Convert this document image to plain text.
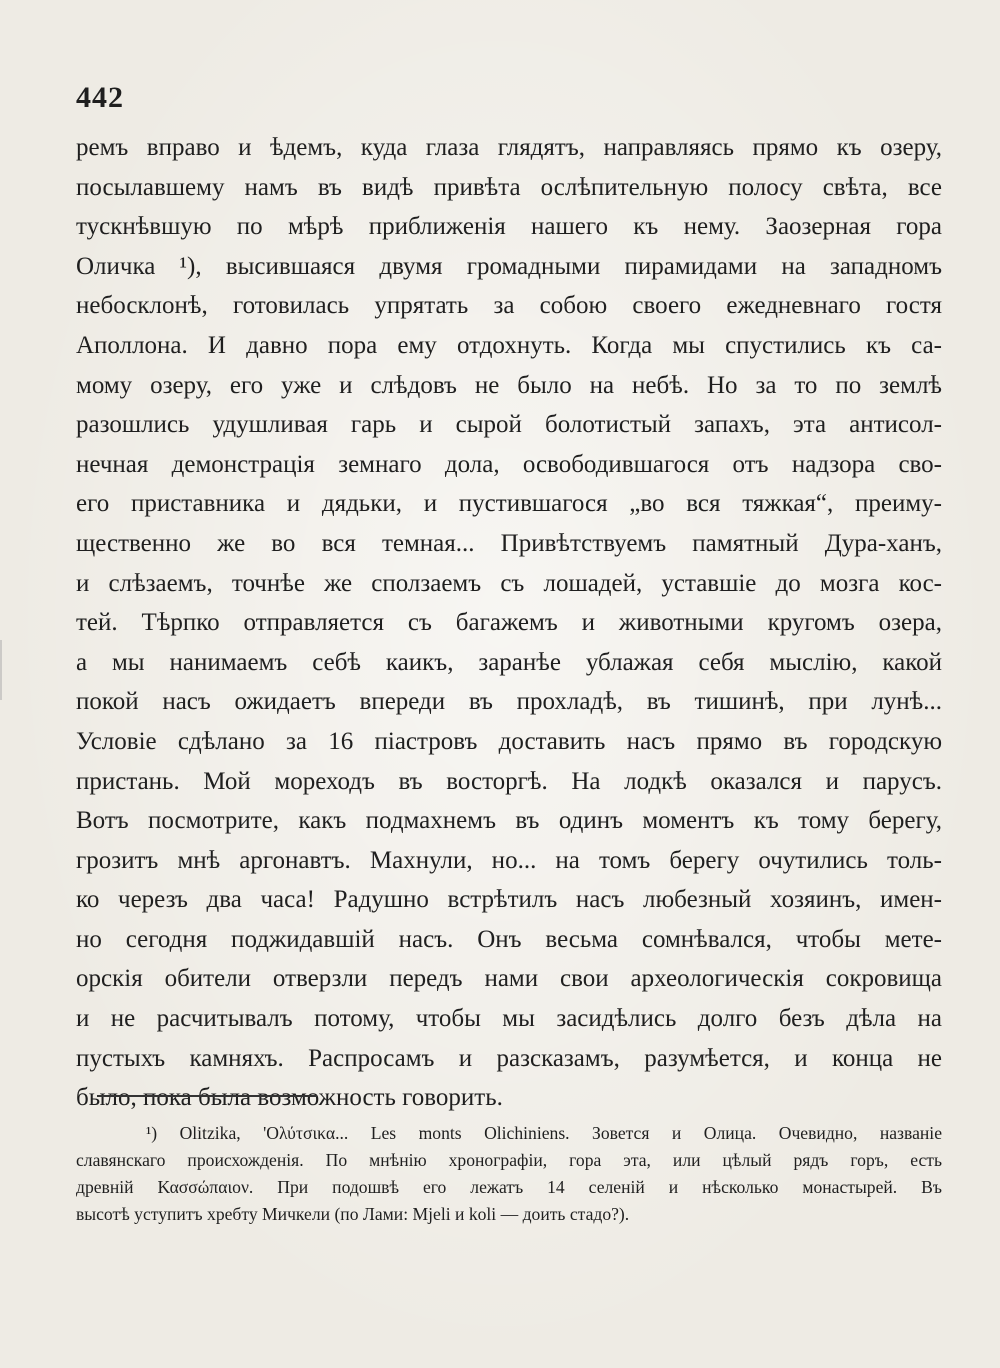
442
ремъ вправо и ѣдемъ, куда глаза глядятъ, направляясь прямо къ озеру,
посылавшему намъ въ видѣ привѣта ослѣпительную полосу свѣта, все
тускнѣвшую по мѣрѣ приближенія нашего къ нему. Заозерная гора
Оличка ¹), высившаяся двумя громадными пирамидами на западномъ
небосклонѣ, готовилась упрятать за собою своего ежедневнаго гостя
Аполлона. И давно пора ему отдохнуть. Когда мы спустились къ са-
мому озеру, его уже и слѣдовъ не было на небѣ. Но за то по землѣ
разошлись удушливая гарь и сырой болотистый запахъ, эта антисол-
нечная демонстрація земнаго дола, освободившагося отъ надзора сво-
его приставника и дядьки, и пустившагося „во вся тяжкая“, преиму-
щественно же во вся темная... Привѣтствуемъ памятный Дура-ханъ,
и слѣзаемъ, точнѣе же сползаемъ съ лошадей, уставшіе до мозга кос-
тей. Тѣрпко отправляется съ багажемъ и животными кругомъ озера,
а мы нанимаемъ себѣ каикъ, заранѣе ублажая себя мыслію, какой
покой насъ ожидаетъ впереди въ прохладѣ, въ тишинѣ, при лунѣ...
Условіе сдѣлано за 16 піастровъ доставить насъ прямо въ городскую
пристань. Мой мореходъ въ восторгѣ. На лодкѣ оказался и парусъ.
Вотъ посмотрите, какъ подмахнемъ въ одинъ моментъ къ тому берегу,
грозитъ мнѣ аргонавтъ. Махнули, но... на томъ берегу очутились толь-
ко черезъ два часа! Радушно встрѣтилъ насъ любезный хозяинъ, имен-
но сегодня поджидавшій насъ. Онъ весьма сомнѣвался, чтобы мете-
орскія обители отверзли передъ нами свои археологическія сокровища
и не расчитывалъ потому, чтобы мы засидѣлись долго безъ дѣла на
пустыхъ камняхъ. Распросамъ и разсказамъ, разумѣется, и конца не
было, пока была возможность говорить.
¹) Olitzika, 'Ολύτσικα... Les monts Olichiniens. Зовется и Олица. Очевидно, названіе
славянскаго происхожденія. По мнѣнію хронографіи, гора эта, или цѣлый рядъ горъ, есть
древній Κασσώπαιον. При подошвѣ его лежатъ 14 селеній и нѣсколько монастырей. Въ
высотѣ уступитъ хребту Мичкели (по Лами: Mjeli и koli — доить стадо?).
